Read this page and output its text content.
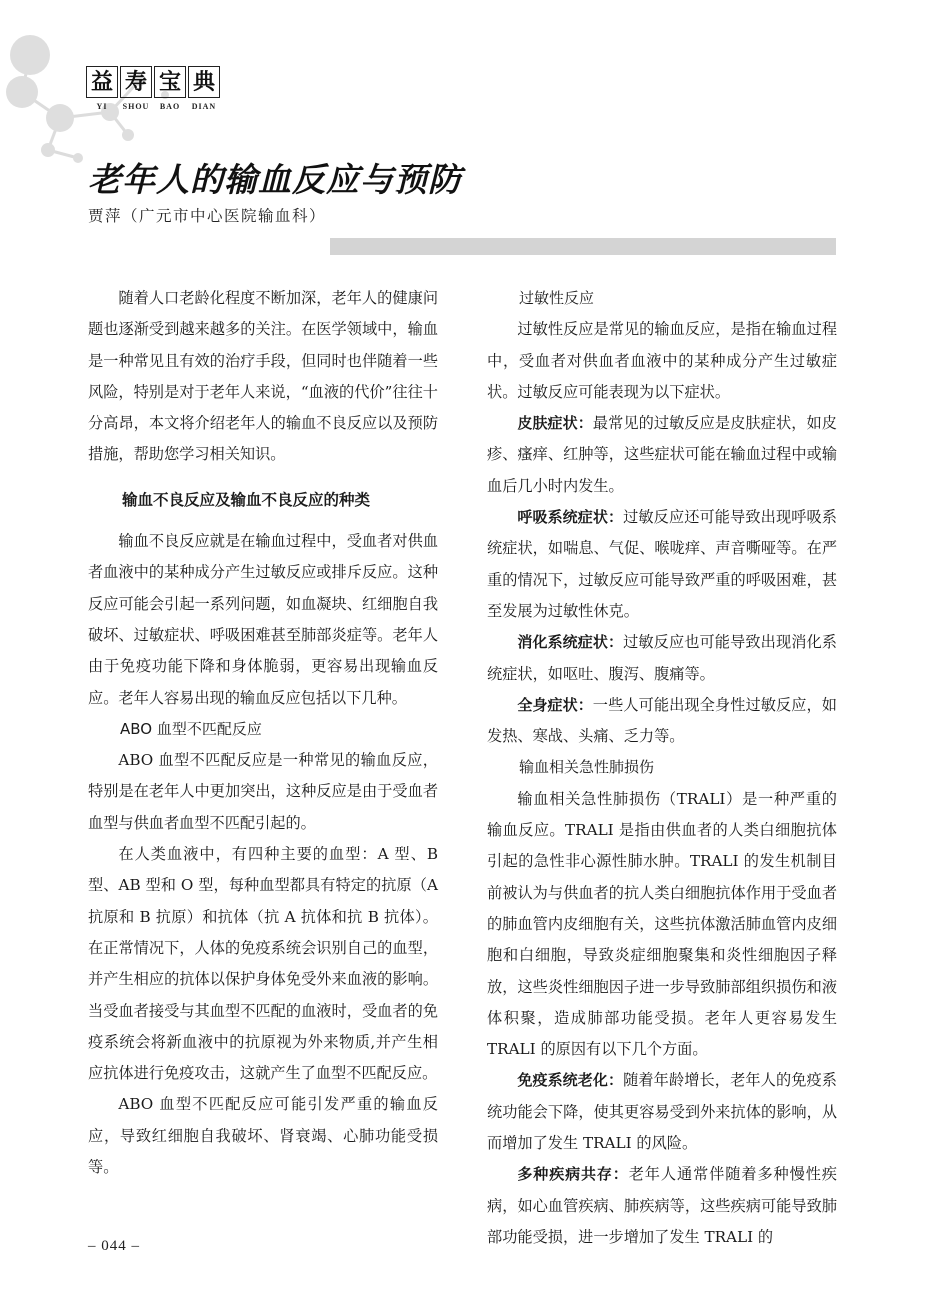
益 寿 宝 典
YI	SHOU	BAO	DIAN
老年人的输血反应与预防
贾萍（广元市中心医院输血科）

随着人口老龄化程度不断加深，老年人的健康问题也逐渐受到越来越多的关注。在医学领域中，输血是一种常见且有效的治疗手段，但同时也伴随着一些风险，特别是对于老年人来说，“血液的代价”往往十分高昂，本文将介绍老年人的输血不良反应以及预防措施，帮助您学习相关知识。

输血不良反应及输血不良反应的种类

输血不良反应就是在输血过程中，受血者对供血者血液中的某种成分产生过敏反应或排斥反应。这种反应可能会引起一系列问题，如血凝块、红细胞自我破坏、过敏症状、呼吸困难甚至肺部炎症等。老年人由于免疫功能下降和身体脆弱，更容易出现输血反应。老年人容易出现的输血反应包括以下几种。

ABO 血型不匹配反应

ABO 血型不匹配反应是一种常见的输血反应，特别是在老年人中更加突出，这种反应是由于受血者血型与供血者血型不匹配引起的。

在人类血液中，有四种主要的血型：A 型、B 型、AB 型和 O 型，每种血型都具有特定的抗原（A 抗原和 B 抗原）和抗体（抗 A 抗体和抗 B 抗体）。在正常情况下，人体的免疫系统会识别自己的血型，并产生相应的抗体以保护身体免受外来血液的影响。当受血者接受与其血型不匹配的血液时，受血者的免疫系统会将新血液中的抗原视为外来物质,并产生相应抗体进行免疫攻击，这就产生了血型不匹配反应。

ABO 血型不匹配反应可能引发严重的输血反应，导致红细胞自我破坏、肾衰竭、心肺功能受损等。

过敏性反应

过敏性反应是常见的输血反应，是指在输血过程中，受血者对供血者血液中的某种成分产生过敏症状。过敏反应可能表现为以下症状。

皮肤症状：最常见的过敏反应是皮肤症状，如皮疹、瘙痒、红肿等，这些症状可能在输血过程中或输血后几小时内发生。

呼吸系统症状：过敏反应还可能导致出现呼吸系统症状，如喘息、气促、喉咙痒、声音嘶哑等。在严重的情况下，过敏反应可能导致严重的呼吸困难，甚至发展为过敏性休克。

消化系统症状：过敏反应也可能导致出现消化系统症状，如呕吐、腹泻、腹痛等。

全身症状：一些人可能出现全身性过敏反应，如发热、寒战、头痛、乏力等。

输血相关急性肺损伤

输血相关急性肺损伤（TRALI）是一种严重的输血反应。TRALI 是指由供血者的人类白细胞抗体引起的急性非心源性肺水肿。TRALI 的发生机制目前被认为与供血者的抗人类白细胞抗体作用于受血者的肺血管内皮细胞有关，这些抗体激活肺血管内皮细胞和白细胞，导致炎症细胞聚集和炎性细胞因子释放，这些炎性细胞因子进一步导致肺部组织损伤和液体积聚，造成肺部功能受损。老年人更容易发生 TRALI 的原因有以下几个方面。

免疫系统老化：随着年龄增长，老年人的免疫系统功能会下降，使其更容易受到外来抗体的影响，从而增加了发生 TRALI 的风险。

多种疾病共存：老年人通常伴随着多种慢性疾病，如心血管疾病、肺疾病等，这些疾病可能导致肺部功能受损，进一步增加了发生 TRALI 的

– 044 –
